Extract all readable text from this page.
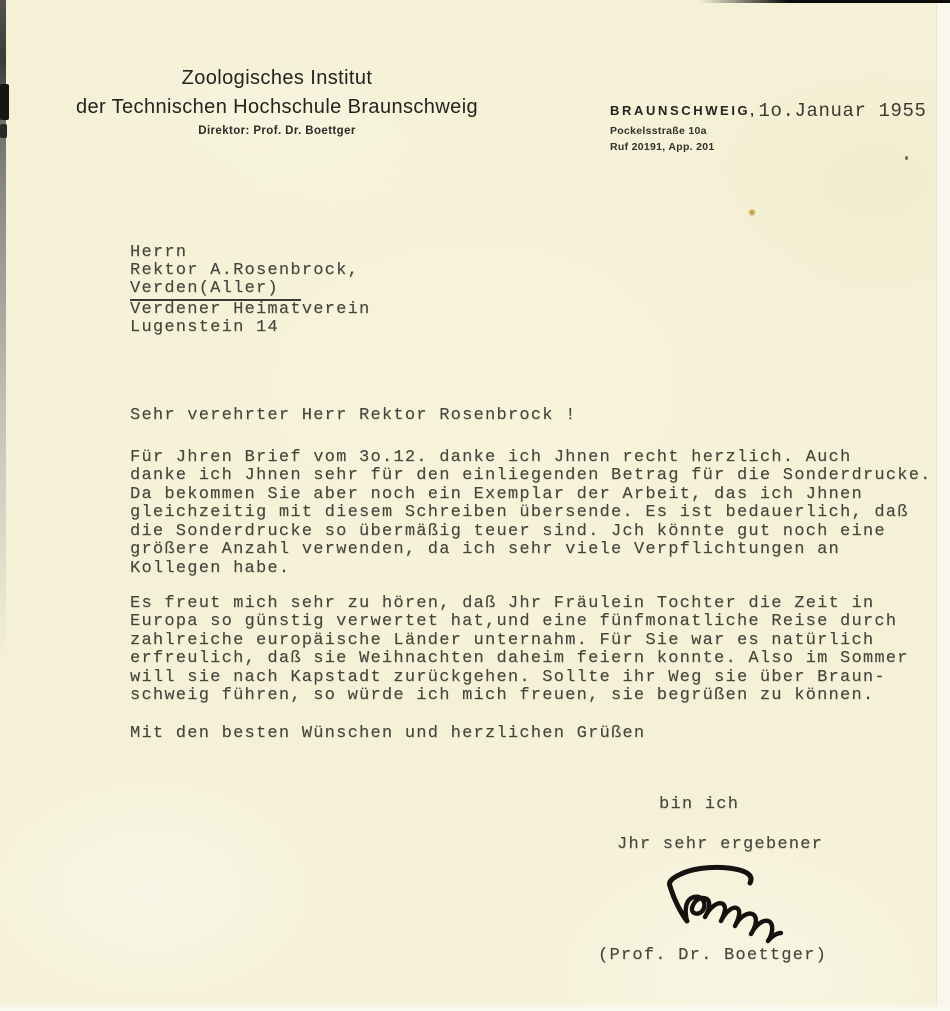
Zoologisches Institut
der Technischen Hochschule Braunschweig
Direktor: Prof. Dr. Boettger
BRAUNSCHWEIG, 1o.Januar 1955
Pockelsstraße 10a
Ruf 20191, App. 201
Herrn
Rektor A.Rosenbrock,
Verden(Aller)
Verdener Heimatverein
Lugenstein 14
Sehr verehrter Herr Rektor Rosenbrock !
Für Jhren Brief vom 3o.12. danke ich Jhnen recht herzlich. Auch
danke ich Jhnen sehr für den einliegenden Betrag für die Sonderdrucke.
Da bekommen Sie aber noch ein Exemplar der Arbeit, das ich Jhnen
gleichzeitig mit diesem Schreiben übersende. Es ist bedauerlich, daß
die Sonderdrucke so übermäßig teuer sind. Jch könnte gut noch eine
größere Anzahl verwenden, da ich sehr viele Verpflichtungen an
Kollegen habe.
Es freut mich sehr zu hören, daß Jhr Fräulein Tochter die Zeit in
Europa so günstig verwertet hat,und eine fünfmonatliche Reise durch
zahlreiche europäische Länder unternahm. Für Sie war es natürlich
erfreulich, daß sie Weihnachten daheim feiern konnte. Also im Sommer
will sie nach Kapstadt zurückgehen. Sollte ihr Weg sie über Braun-
schweig führen, so würde ich mich freuen, sie begrüßen zu können.
Mit den besten Wünschen und herzlichen Grüßen
bin ich
Jhr sehr ergebener
(Prof. Dr. Boettger)
